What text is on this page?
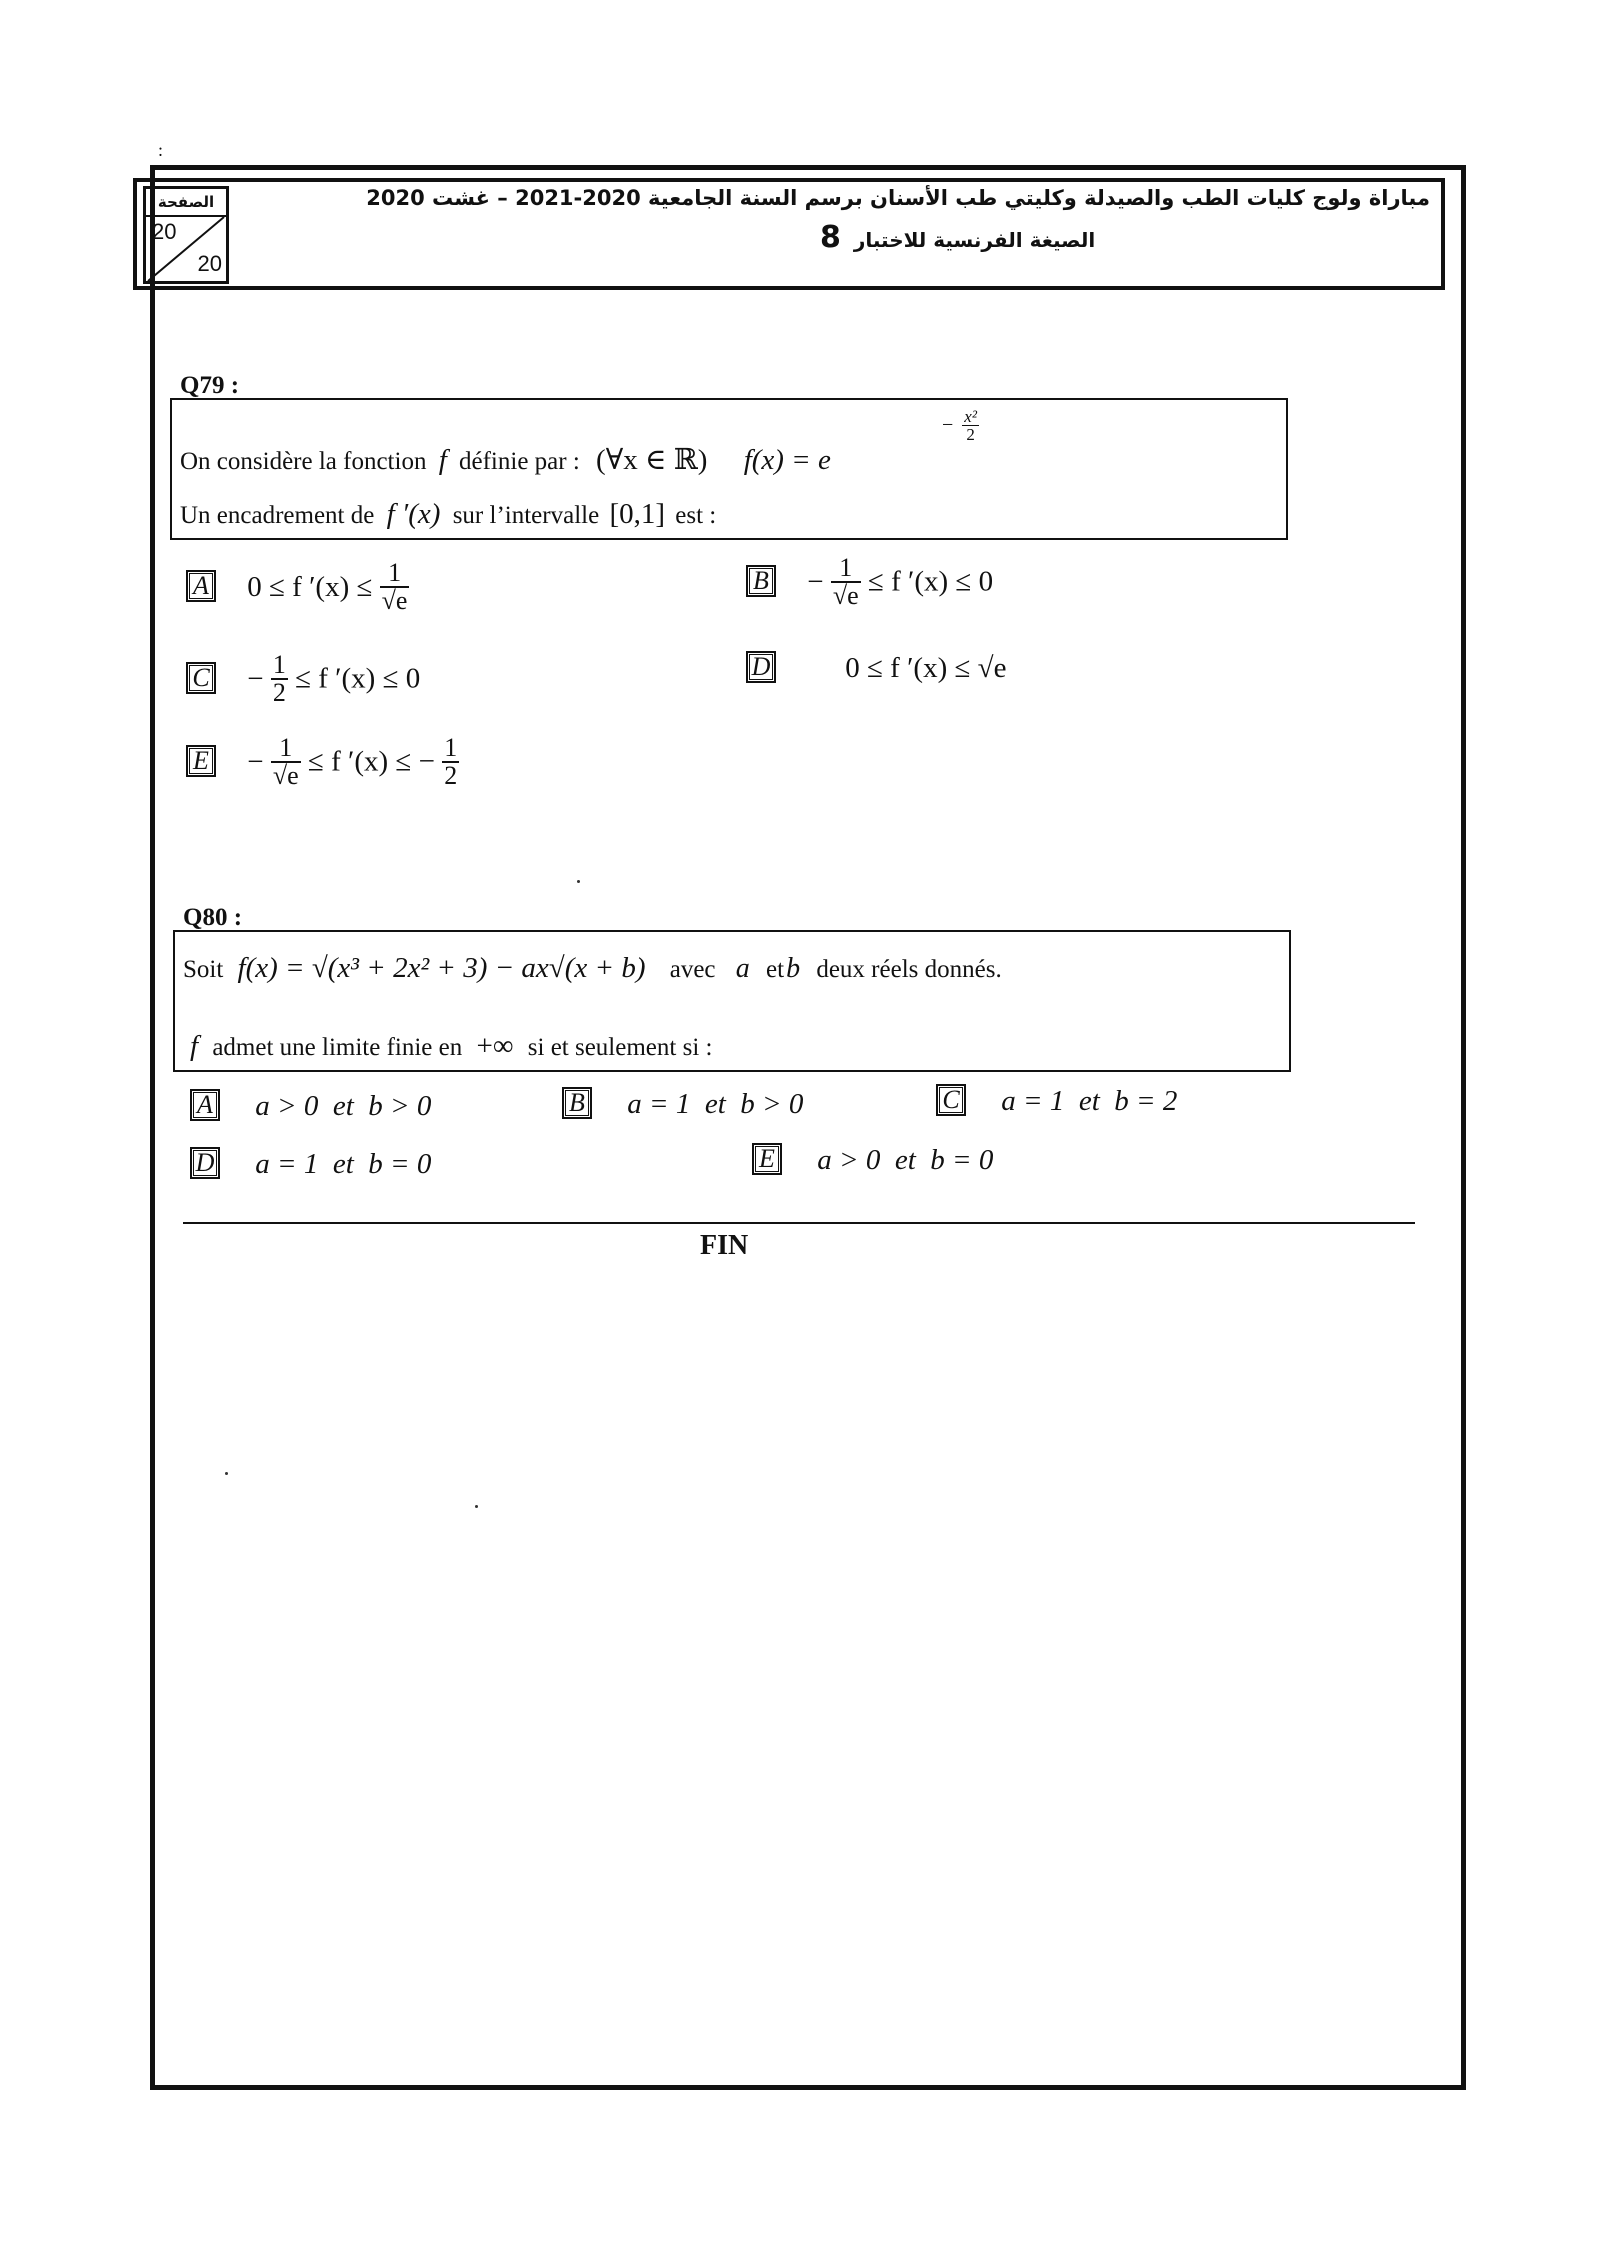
:
الصفحة
20
20
مباراة ولوج كليات الطب والصيدلة وكليتي طب الأسنان برسم السنة الجامعية 2020-2021 – غشت 2020
الصيغة الفرنسية للاختبار 8
Q79 :
On considère la fonction f définie par : (∀x ∈ ℝ) f(x) = e
− $\frac{\text{x²}}{2}$
Un encadrement de f ′(x) sur l’intervalle [0,1] est :
A 0 ≤ f $'(x) \le \frac{1}{√e}$	$B - \frac{1}{√e} \le f$ ′(x) ≤ 0
$C - \frac{1}{2} \le f$ ′(x) ≤ 0	D	0 ≤ f ′(x) ≤ √e
$E - \frac{1}{√e} \le f$ ′(x) ≤ − $\frac{1}{2}$
Q80 :
Soit f(x) = √(x³ + 2x² + 3) − ax√(x + b) avec a etb deux réels donnés.
f admet une limite finie en +∞ si et seulement si :
A a > 0  et  b > 0	B a = 1  et  b > 0	C a = 1  et  b = 2
D a = 1  et  b = 0	E a > 0  et  b = 0
FIN
